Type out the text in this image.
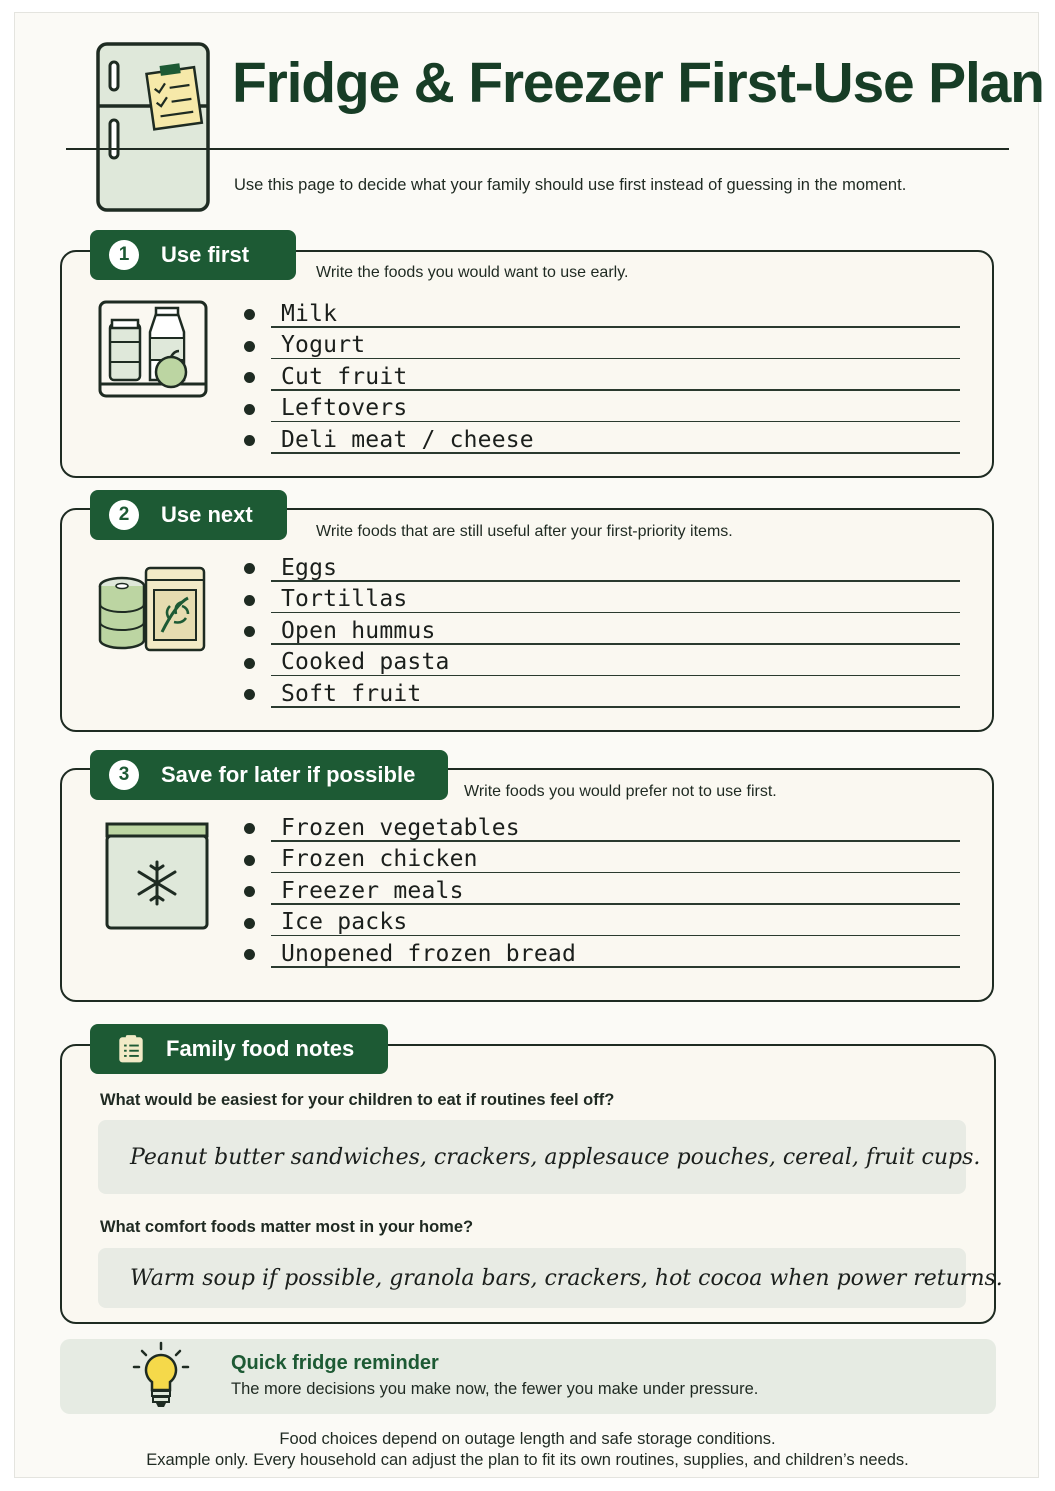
Fridge & Freezer First-Use Plan
Use this page to decide what your family should use first instead of guessing in the moment.
1	Use first
Write the foods you would want to use early.
Milk
Yogurt
Cut fruit
Leftovers
Deli meat / cheese
2	Use next
Write foods that are still useful after your first-priority items.
Eggs
Tortillas
Open hummus
Cooked pasta
Soft fruit
3	Save for later if possible
Write foods you would prefer not to use first.
Frozen vegetables
Frozen chicken
Freezer meals
Ice packs
Unopened frozen bread
Family food notes
What would be easiest for your children to eat if routines feel off?
Peanut butter sandwiches, crackers, applesauce pouches, cereal, fruit cups.
What comfort foods matter most in your home?
Warm soup if possible, granola bars, crackers, hot cocoa when power returns.
Quick fridge reminder
The more decisions you make now, the fewer you make under pressure.
Food choices depend on outage length and safe storage conditions.
Example only. Every household can adjust the plan to fit its own routines, supplies, and children’s needs.
